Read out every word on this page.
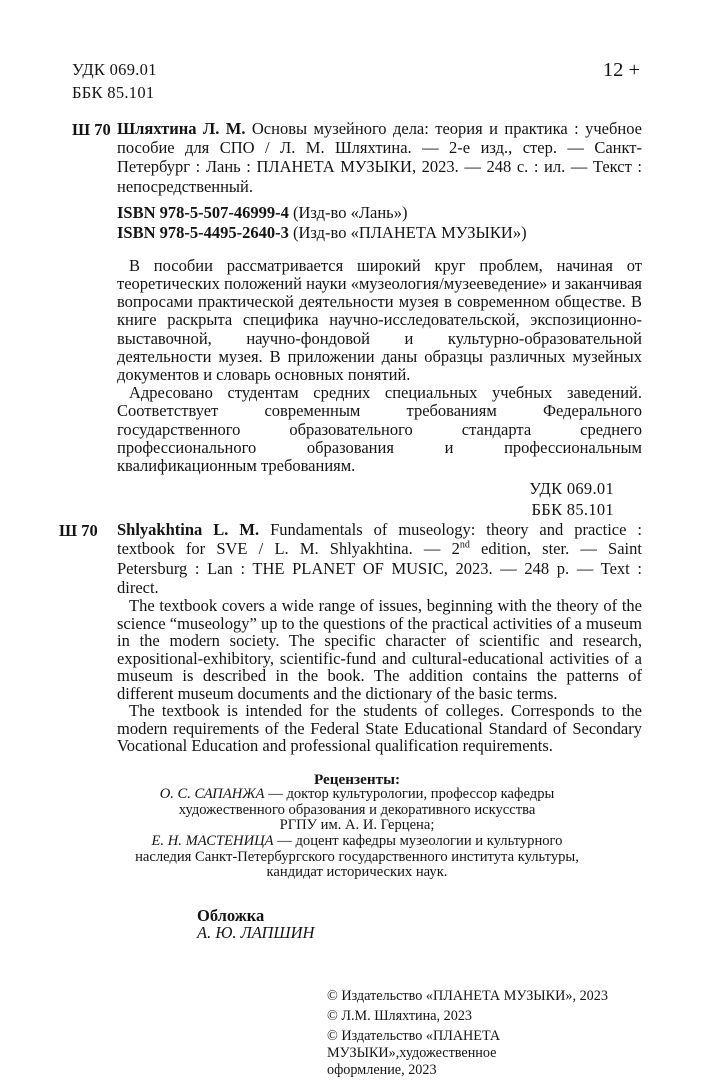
УДК 069.01
ББК 85.101
12 +
Ш 70 Шляхтина Л. М. Основы музейного дела: теория и практика : учебное пособие для СПО / Л. М. Шляхтина. — 2-е изд., стер. — Санкт-Петербург : Лань : ПЛАНЕТА МУЗЫКИ, 2023. — 248 с. : ил. — Текст : непосредственный.

ISBN 978-5-507-46999-4 (Изд-во «Лань»)

ISBN 978-5-4495-2640-3 (Изд-во «ПЛАНЕТА МУЗЫКИ»)

В пособии рассматривается широкий круг проблем, начиная от теоретических положений науки «музеология/музееведение» и заканчивая вопросами практической деятельности музея в современном обществе. В книге раскрыта специфика научно-исследовательской, экспозиционно-выставочной, научно-фондовой и культурно-образовательной деятельности музея. В приложении даны образцы различных музейных документов и словарь основных понятий.

Адресовано студентам средних специальных учебных заведений. Соответствует современным требованиям Федерального государственного образовательного стандарта среднего профессионального образования и профессиональным квалификационным требованиям.

УДК 069.01
ББК 85.101
Ш 70 Shlyakhtina L. M. Fundamentals of museology: theory and practice : textbook for SVE / L. M. Shlyakhtina. — 2nd edition, ster. — Saint Petersburg : Lan : THE PLANET OF MUSIC, 2023. — 248 p. — Text : direct.

The textbook covers a wide range of issues, beginning with the theory of the science “museology” up to the questions of the practical activities of a museum in the modern society. The specific character of scientific and research, expositional-exhibitory, scientific-fund and cultural-educational activities of a museum is described in the book. The addition contains the patterns of different museum documents and the dictionary of the basic terms.

The textbook is intended for the students of colleges. Corresponds to the modern requirements of the Federal State Educational Standard of Secondary Vocational Education and professional qualification requirements.

Рецензенты:
О. С. САПАНЖА — доктор культурологии, профессор кафедры
художественного образования и декоративного искусства
РГПУ им. А. И. Герцена;
Е. Н. МАСТЕНИЦА — доцент кафедры музеологии и культурного
наследия Санкт-Петербургского государственного института культуры,
кандидат исторических наук.
Обложка
А. Ю. ЛАПШИН
© Издательство «ПЛАНЕТА МУЗЫКИ», 2023
© Л.М. Шляхтина, 2023
© Издательство «ПЛАНЕТА
МУЗЫКИ»,художественное
оформление, 2023
